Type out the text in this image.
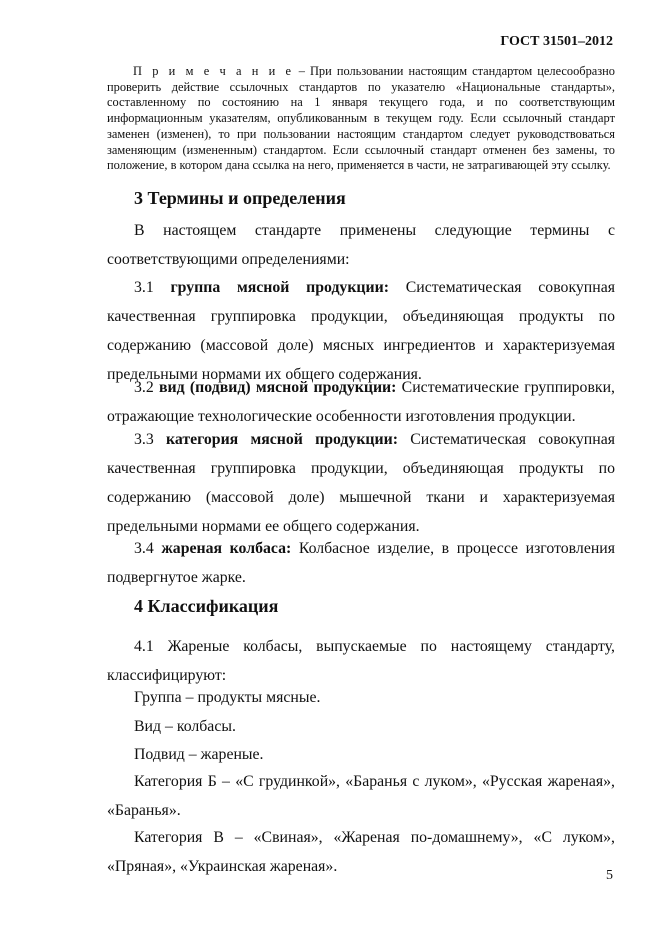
ГОСТ 31501–2012
П р и м е ч а н и е – При пользовании настоящим стандартом целесообразно проверить действие ссылочных стандартов по указателю «Национальные стандарты», составленному по состоянию на 1 января текущего года, и по соответствующим информационным указателям, опубликованным в текущем году. Если ссылочный стандарт заменен (изменен), то при пользовании настоящим стандартом следует руководствоваться заменяющим (измененным) стандартом. Если ссылочный стандарт отменен без замены, то положение, в котором дана ссылка на него, применяется в части, не затрагивающей эту ссылку.
3 Термины и определения
В настоящем стандарте применены следующие термины с соответствующими определениями:
3.1 группа мясной продукции: Систематическая совокупная качественная группировка продукции, объединяющая продукты по содержанию (массовой доле) мясных ингредиентов и характеризуемая предельными нормами их общего содержания.
3.2 вид (подвид) мясной продукции: Систематические группировки, отражающие технологические особенности изготовления продукции.
3.3 категория мясной продукции: Систематическая совокупная качественная группировка продукции, объединяющая продукты по содержанию (массовой доле) мышечной ткани и характеризуемая предельными нормами ее общего содержания.
3.4 жареная колбаса: Колбасное изделие, в процессе изготовления подвергнутое жарке.
4 Классификация
4.1 Жареные колбасы, выпускаемые по настоящему стандарту, классифицируют:
Группа – продукты мясные.
Вид – колбасы.
Подвид – жареные.
Категория Б – «С грудинкой», «Баранья с луком», «Русская жареная», «Баранья».
Категория В – «Свиная», «Жареная по-домашнему», «С луком», «Пряная», «Украинская жареная».
5
